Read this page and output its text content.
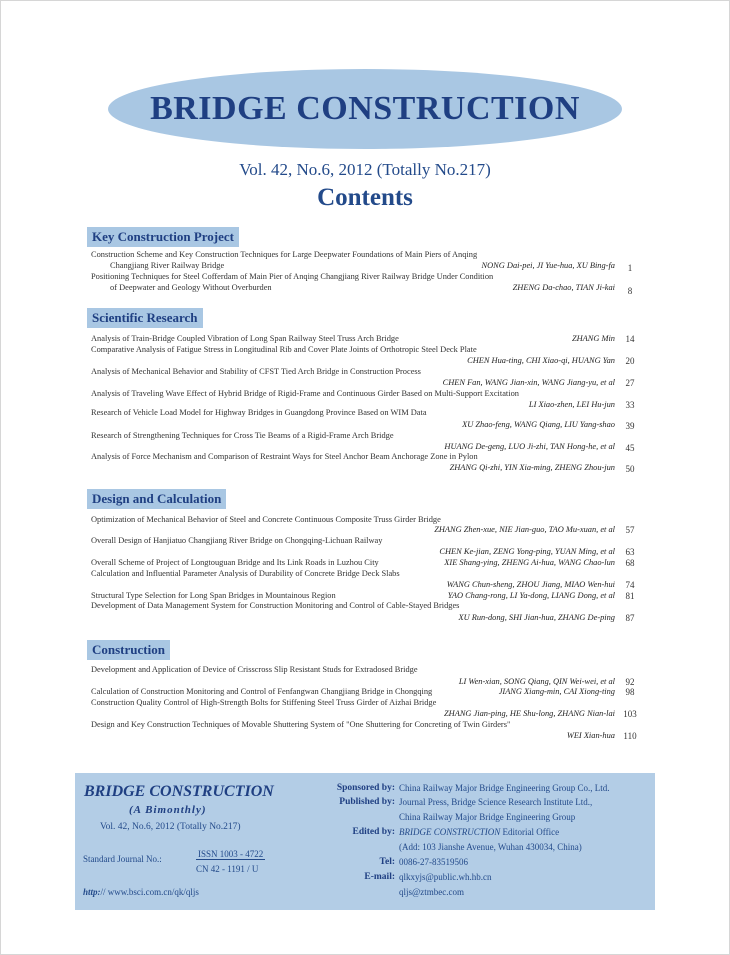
BRIDGE CONSTRUCTION
Vol. 42, No.6, 2012 (Totally No.217)
Contents
Key Construction Project
Construction Scheme and Key Construction Techniques for Large Deepwater Foundations of Main Piers of Anqing
Changjiang River Railway Bridge	NONG Dai-pei, JI Yue-hua, XU Bing-fa	1
Positioning Techniques for Steel Cofferdam of Main Pier of Anqing Changjiang River Railway Bridge Under Condition
of Deepwater and Geology Without Overburden	ZHENG Da-chao, TIAN Ji-kai	8
Scientific Research
Analysis of Train-Bridge Coupled Vibration of Long Span Railway Steel Truss Arch Bridge	ZHANG Min	14
Comparative Analysis of Fatigue Stress in Longitudinal Rib and Cover Plate Joints of Orthotropic Steel Deck Plate
CHEN Hua-ting, CHI Xiao-qi, HUANG Yan	20
Analysis of Mechanical Behavior and Stability of CFST Tied Arch Bridge in Construction Process
CHEN Fan, WANG Jian-xin, WANG Jiang-yu, et al	27
Analysis of Traveling Wave Effect of Hybrid Bridge of Rigid-Frame and Continuous Girder Based on Multi-Support Excitation
LI Xiao-zhen, LEI Hu-jun	33
Research of Vehicle Load Model for Highway Bridges in Guangdong Province Based on WIM Data
XU Zhao-feng, WANG Qiang, LIU Yang-shao	39
Research of Strengthening Techniques for Cross Tie Beams of a Rigid-Frame Arch Bridge
HUANG De-geng, LUO Ji-zhi, TAN Hong-he, et al	45
Analysis of Force Mechanism and Comparison of Restraint Ways for Steel Anchor Beam Anchorage Zone in Pylon
ZHANG Qi-zhi, YIN Xia-ming, ZHENG Zhou-jun	50
Design and Calculation
Optimization of Mechanical Behavior of Steel and Concrete Continuous Composite Truss Girder Bridge
ZHANG Zhen-xue, NIE Jian-guo, TAO Mu-xuan, et al	57
Overall Design of Hanjiatuo Changjiang River Bridge on Chongqing-Lichuan Railway
CHEN Ke-jian, ZENG Yong-ping, YUAN Ming, et al	63
Overall Scheme of Project of Longtouguan Bridge and Its Link Roads in Luzhou City	XIE Shang-ying, ZHENG Ai-hua, WANG Chao-lun	68
Calculation and Influential Parameter Analysis of Durability of Concrete Bridge Deck Slabs
WANG Chun-sheng, ZHOU Jiang, MIAO Wen-hui	74
Structural Type Selection for Long Span Bridges in Mountainous Region	YAO Chang-rong, LI Ya-dong, LIANG Dong, et al	81
Development of Data Management System for Construction Monitoring and Control of Cable-Stayed Bridges
XU Run-dong, SHI Jian-hua, ZHANG De-ping	87
Construction
Development and Application of Device of Crisscross Slip Resistant Studs for Extradosed Bridge
LI Wen-xian, SONG Qiang, QIN Wei-wei, et al	92
Calculation of Construction Monitoring and Control of Fenfangwan Changjiang Bridge in Chongqing	JIANG Xiang-min, CAI Xiong-ting	98
Construction Quality Control of High-Strength Bolts for Stiffening Steel Truss Girder of Aizhai Bridge
ZHANG Jian-ping, HE Shu-long, ZHANG Nian-lai 103
Design and Key Construction Techniques of Movable Shuttering System of "One Shuttering for Concreting of Twin Girders"
WEI Xian-hua 110
BRIDGE CONSTRUCTION
(A Bimonthly)
Vol. 42, No.6, 2012 (Totally No.217)
Standard Journal No.:	ISSN 1003 - 4722
CN 42 - 1191 / U
http:// www.bsci.com.cn/qk/qljs
Sponsored by: China Railway Major Bridge Engineering Group Co., Ltd.
Published by: Journal Press, Bridge Science Research Institute Ltd.,
China Railway Major Bridge Engineering Group
Edited by: BRIDGE CONSTRUCTION Editorial Office
(Add: 103 Jianshe Avenue, Wuhan 430034, China)
Tel: 0086-27-83519506
E-mail: qlkxyjs@public.wh.hb.cn
qljs@ztmbec.com
